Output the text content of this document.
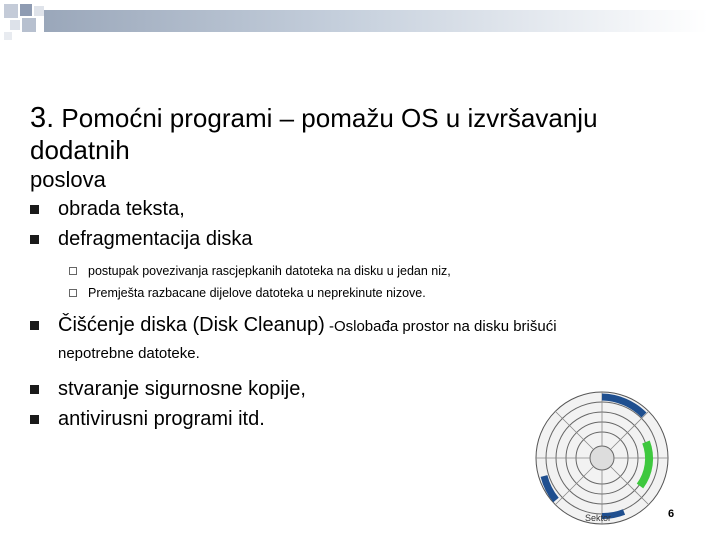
3. Pomoćni programi – pomažu OS u izvršavanju dodatnih
poslova
obrada teksta,
defragmentacija diska
postupak povezivanja rascjepkanih datoteka na disku u jedan niz,
Premješta razbacane dijelove datoteka u neprekinute nizove.
Čišćenje diska (Disk Cleanup) -Oslobađa prostor na disku brišući
nepotrebne datoteke.
stvaranje sigurnosne kopije,
antivirusni programi itd.
Sektor	6
